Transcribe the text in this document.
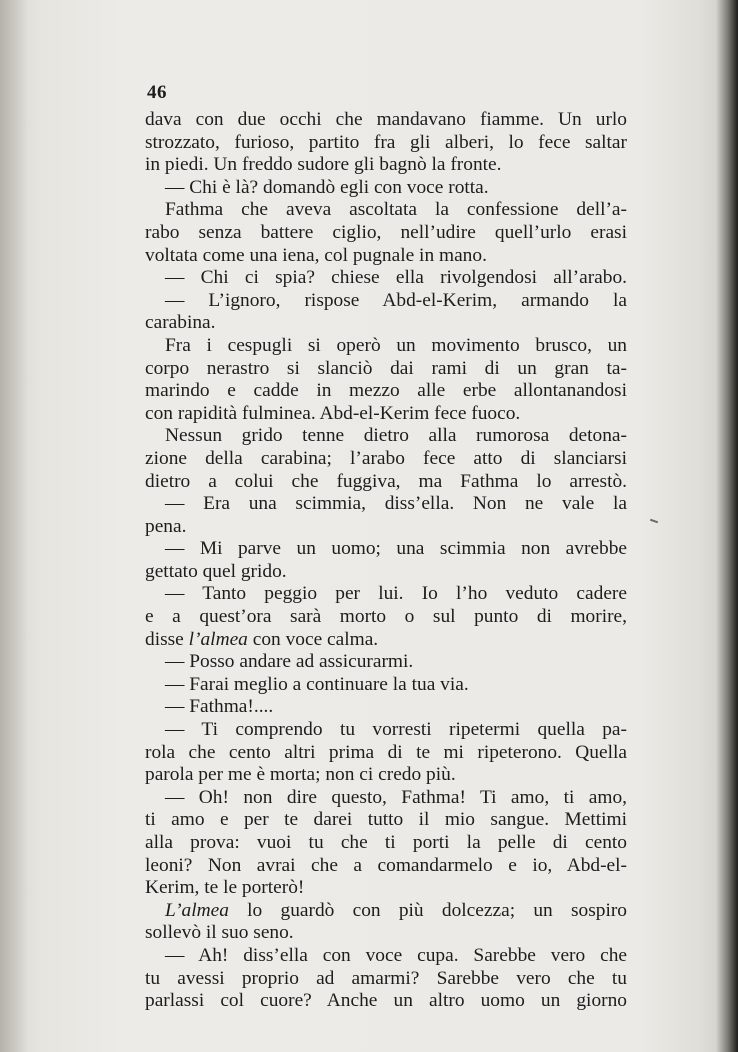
46
dava con due occhi che mandavano fiamme. Un urlo
strozzato, furioso, partito fra gli alberi, lo fece saltar
in piedi. Un freddo sudore gli bagnò la fronte.
— Chi è là? domandò egli con voce rotta.
Fathma che aveva ascoltata la confessione dell’a-
rabo senza battere ciglio, nell’udire quell’urlo erasi
voltata come una iena, col pugnale in mano.
— Chi ci spia? chiese ella rivolgendosi all’arabo.
— L’ignoro, rispose Abd-el-Kerim, armando la
carabina.
Fra i cespugli si operò un movimento brusco, un
corpo nerastro si slanciò dai rami di un gran ta-
marindo e cadde in mezzo alle erbe allontanandosi
con rapidità fulminea. Abd-el-Kerim fece fuoco.
Nessun grido tenne dietro alla rumorosa detona-
zione della carabina; l’arabo fece atto di slanciarsi
dietro a colui che fuggiva, ma Fathma lo arrestò.
— Era una scimmia, diss’ella. Non ne vale la
pena.
— Mi parve un uomo; una scimmia non avrebbe
gettato quel grido.
— Tanto peggio per lui. Io l’ho veduto cadere
e a quest’ora sarà morto o sul punto di morire,
disse l’almea con voce calma.
— Posso andare ad assicurarmi.
— Farai meglio a continuare la tua via.
— Fathma!....
— Ti comprendo tu vorresti ripetermi quella pa-
rola che cento altri prima di te mi ripeterono. Quella
parola per me è morta; non ci credo più.
— Oh! non dire questo, Fathma! Ti amo, ti amo,
ti amo e per te darei tutto il mio sangue. Mettimi
alla prova: vuoi tu che ti porti la pelle di cento
leoni? Non avrai che a comandarmelo e io, Abd-el-
Kerim, te le porterò!
L’almea lo guardò con più dolcezza; un sospiro
sollevò il suo seno.
— Ah! diss’ella con voce cupa. Sarebbe vero che
tu avessi proprio ad amarmi? Sarebbe vero che tu
parlassi col cuore? Anche un altro uomo un giorno
